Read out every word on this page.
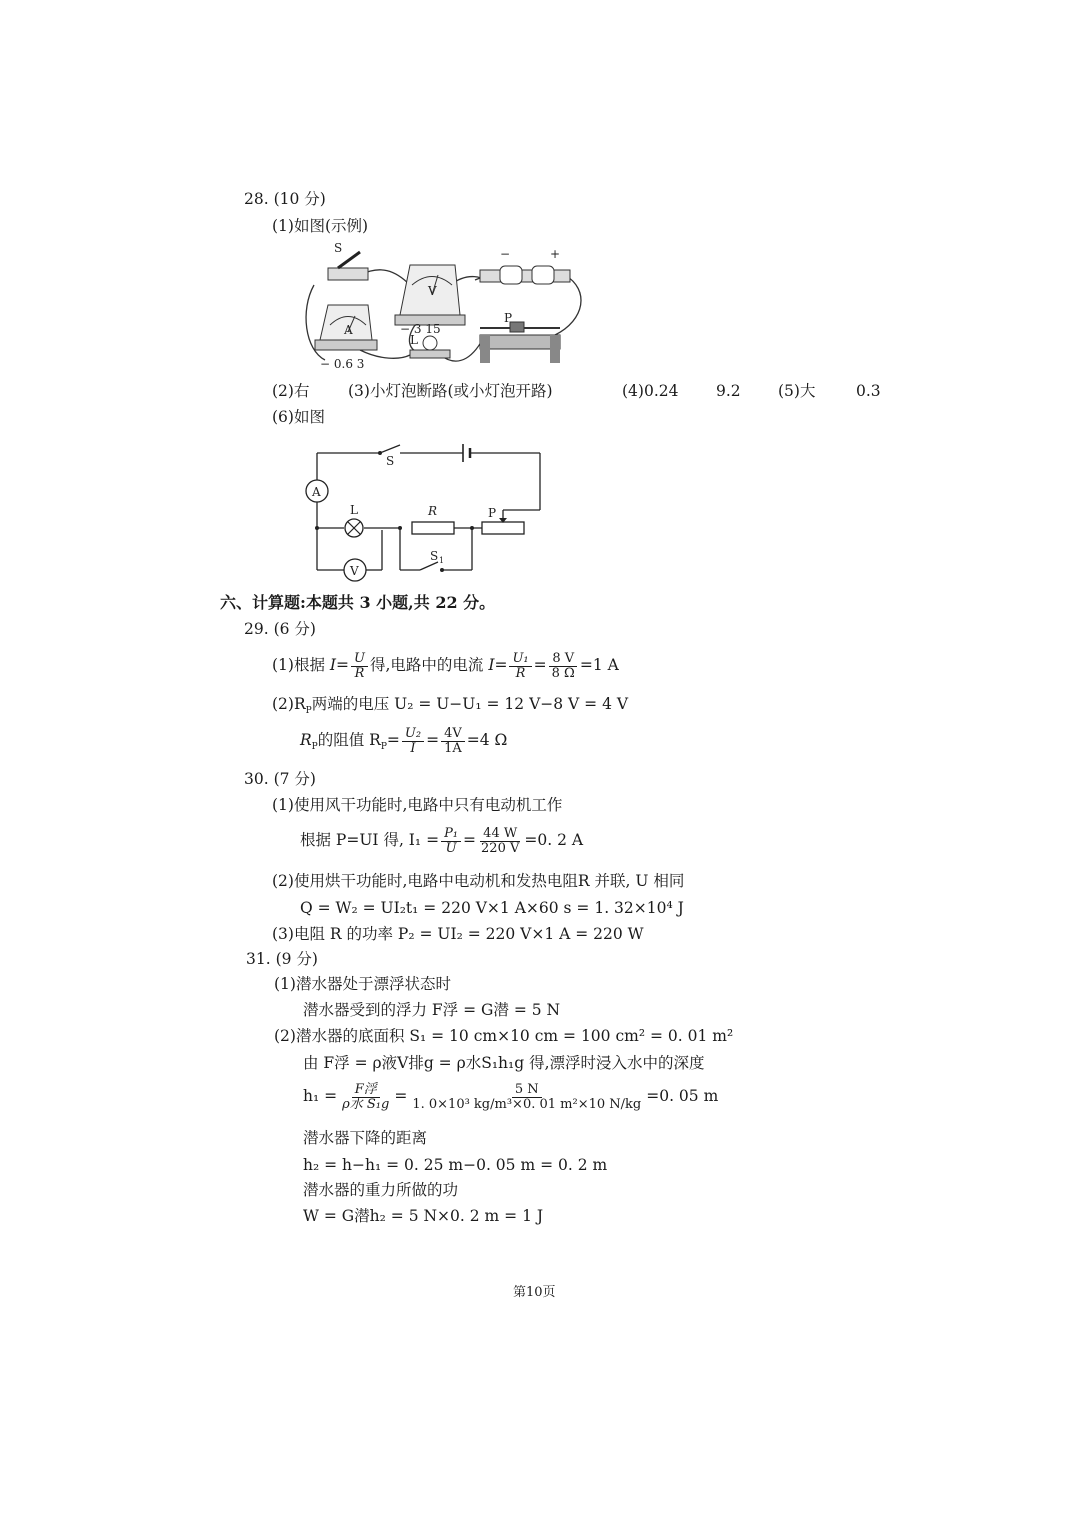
28. (10 分)
(1)如图(示例)
S
V
− 3 15
A
− 0.6 3
L
−	+
P
(2)右 (3)小灯泡断路(或小灯泡开路)	(4)0.24 9.2 (5)大	0.3
(6)如图
A
L
V
R	P
S
S 1
六、计算题:本题共 3 小题,共 22 分。
29. (6 分)
(1)根据 $I= \frac{U}{R}$ 得,电路中的电流 $I= \frac{\text{U₁}}{R} = \frac{8 V}{8 \Omega} =1$ A
$(2)R_P$两端的电压 U₂ = U−U₁ = 12 V−8 V = 4 V
$R_P$的阻值 $R_P= \frac{\text{U₂}}{I} = \frac{4V}{1A} =4$ Ω
30. (7 分)
(1)使用风干功能时,电路中只有电动机工作
根据 P=UI 得, $I_1 = \frac{\text{P₁}}{U} = \frac{44 W}{220 V} =0$. 2 A
(2)使用烘干功能时,电路中电动机和发热电阻R 并联, U 相同
Q = W₂ = UI₂t₁ = 220 V×1 A×60 s = 1. 32×10⁴ J
(3)电阻 R 的功率 P₂ = UI₂ = 220 V×1 A = 220 W
31. (9 分)
(1)潜水器处于漂浮状态时
潜水器受到的浮力 F浮 = G潜 = 5 N
(2)潜水器的底面积 S₁ = 10 cm×10 cm = 100 cm² = 0. 01 m²
由 F浮 = ρ液V排g = ρ水S₁h₁g 得,漂浮时浸入水中的深度
$h_1 = \frac{\text{F浮}}{\text{ρ水 S₁g}} = \frac{5 N}{\text{1. 0×10³ kg/m³×0. 01 m²×10 N/kg}} =0$. 05 m
潜水器下降的距离
h₂ = h−h₁ = 0. 25 m−0. 05 m = 0. 2 m
潜水器的重力所做的功
W = G潜h₂ = 5 N×0. 2 m = 1 J
第10页
